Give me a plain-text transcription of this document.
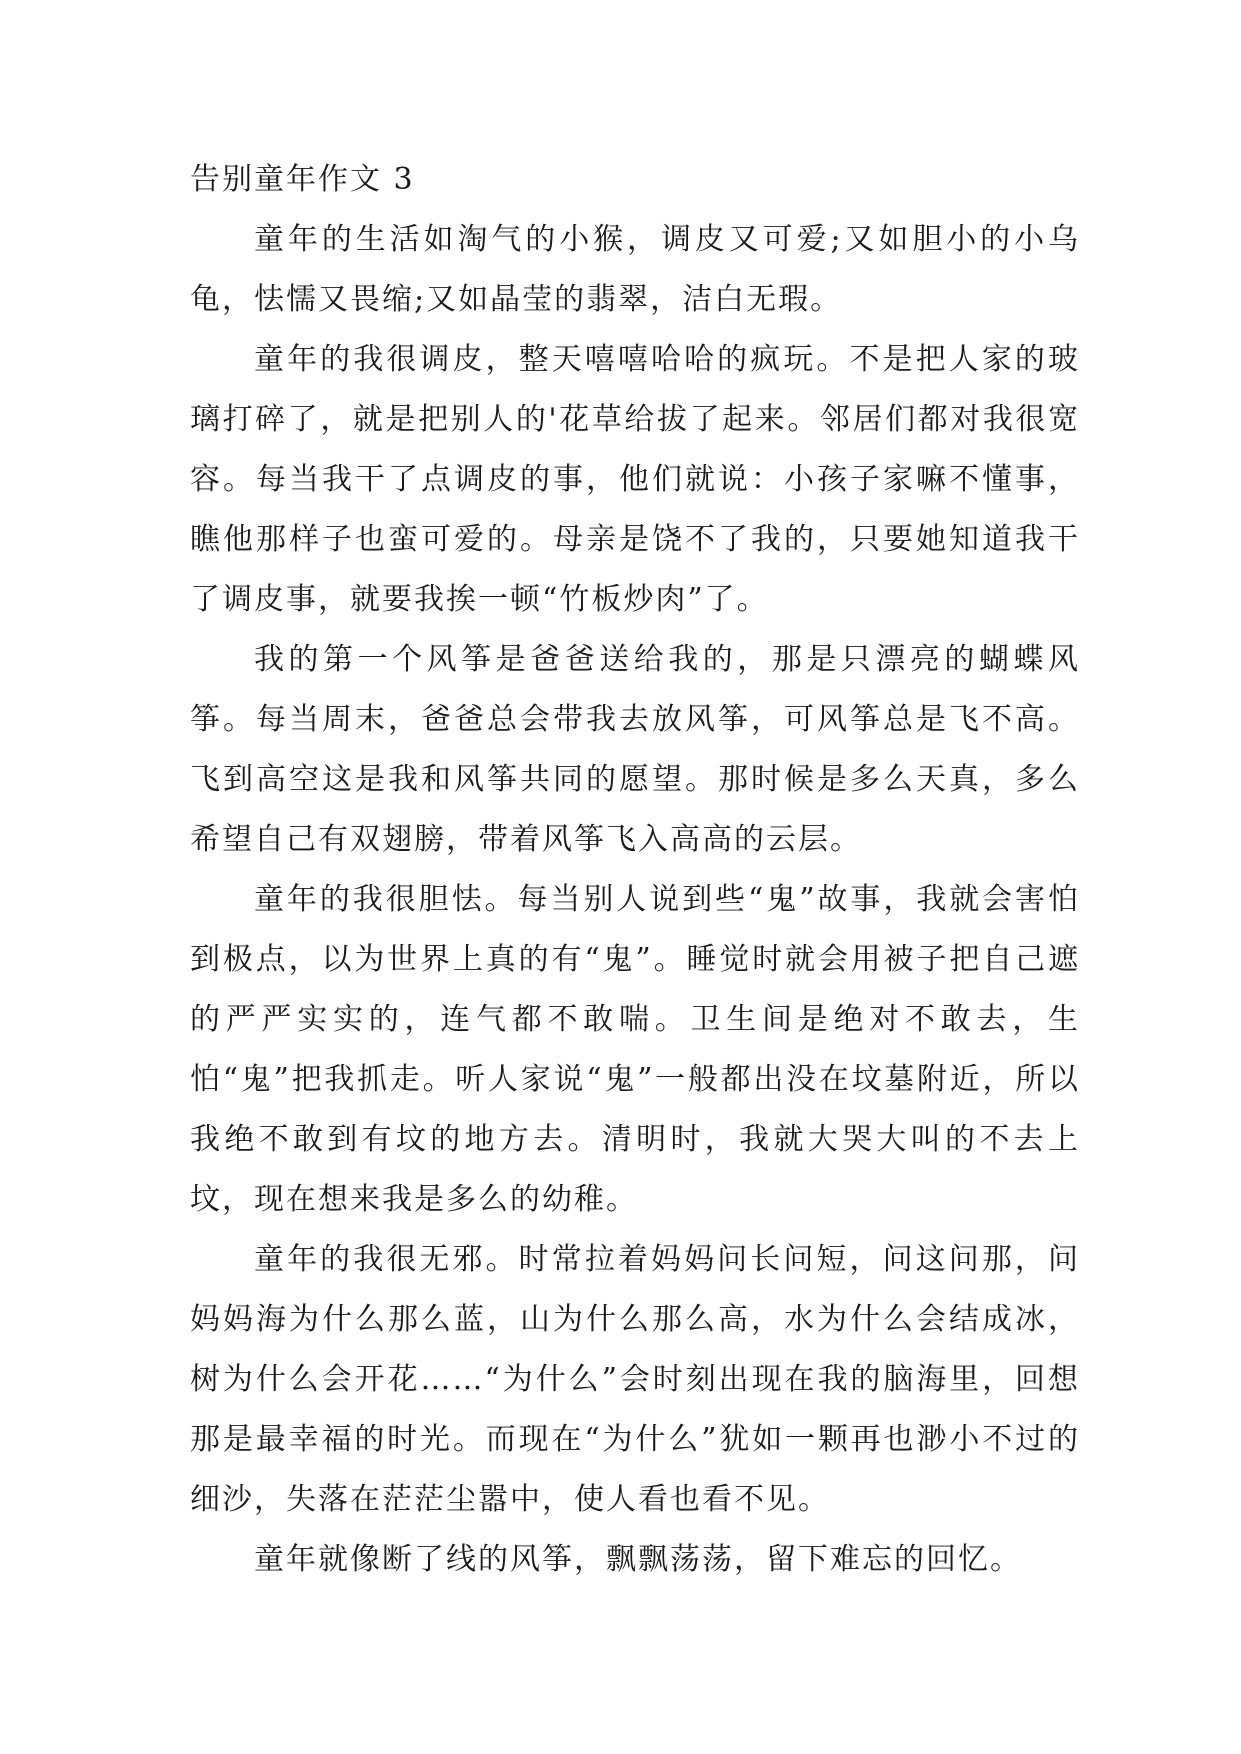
告别童年作文 3

童年的生活如淘气的小猴，调皮又可爱;又如胆小的小乌龟，怯懦又畏缩;又如晶莹的翡翠，洁白无瑕。

童年的我很调皮，整天嘻嘻哈哈的疯玩。不是把人家的玻璃打碎了，就是把别人的'花草给拔了起来。邻居们都对我很宽容。每当我干了点调皮的事，他们就说：小孩子家嘛不懂事，瞧他那样子也蛮可爱的。母亲是饶不了我的，只要她知道我干了调皮事，就要我挨一顿“竹板炒肉”了。

我的第一个风筝是爸爸送给我的，那是只漂亮的蝴蝶风筝。每当周末，爸爸总会带我去放风筝，可风筝总是飞不高。飞到高空这是我和风筝共同的愿望。那时候是多么天真，多么希望自己有双翅膀，带着风筝飞入高高的云层。

童年的我很胆怯。每当别人说到些“鬼”故事，我就会害怕到极点，以为世界上真的有“鬼”。睡觉时就会用被子把自己遮的严严实实的，连气都不敢喘。卫生间是绝对不敢去，生怕“鬼”把我抓走。听人家说“鬼”一般都出没在坟墓附近，所以我绝不敢到有坟的地方去。清明时，我就大哭大叫的不去上坟，现在想来我是多么的幼稚。

童年的我很无邪。时常拉着妈妈问长问短，问这问那，问妈妈海为什么那么蓝，山为什么那么高，水为什么会结成冰，树为什么会开花……“为什么”会时刻出现在我的脑海里，回想那是最幸福的时光。而现在“为什么”犹如一颗再也渺小不过的细沙，失落在茫茫尘嚣中，使人看也看不见。

童年就像断了线的风筝，飘飘荡荡，留下难忘的回忆。
